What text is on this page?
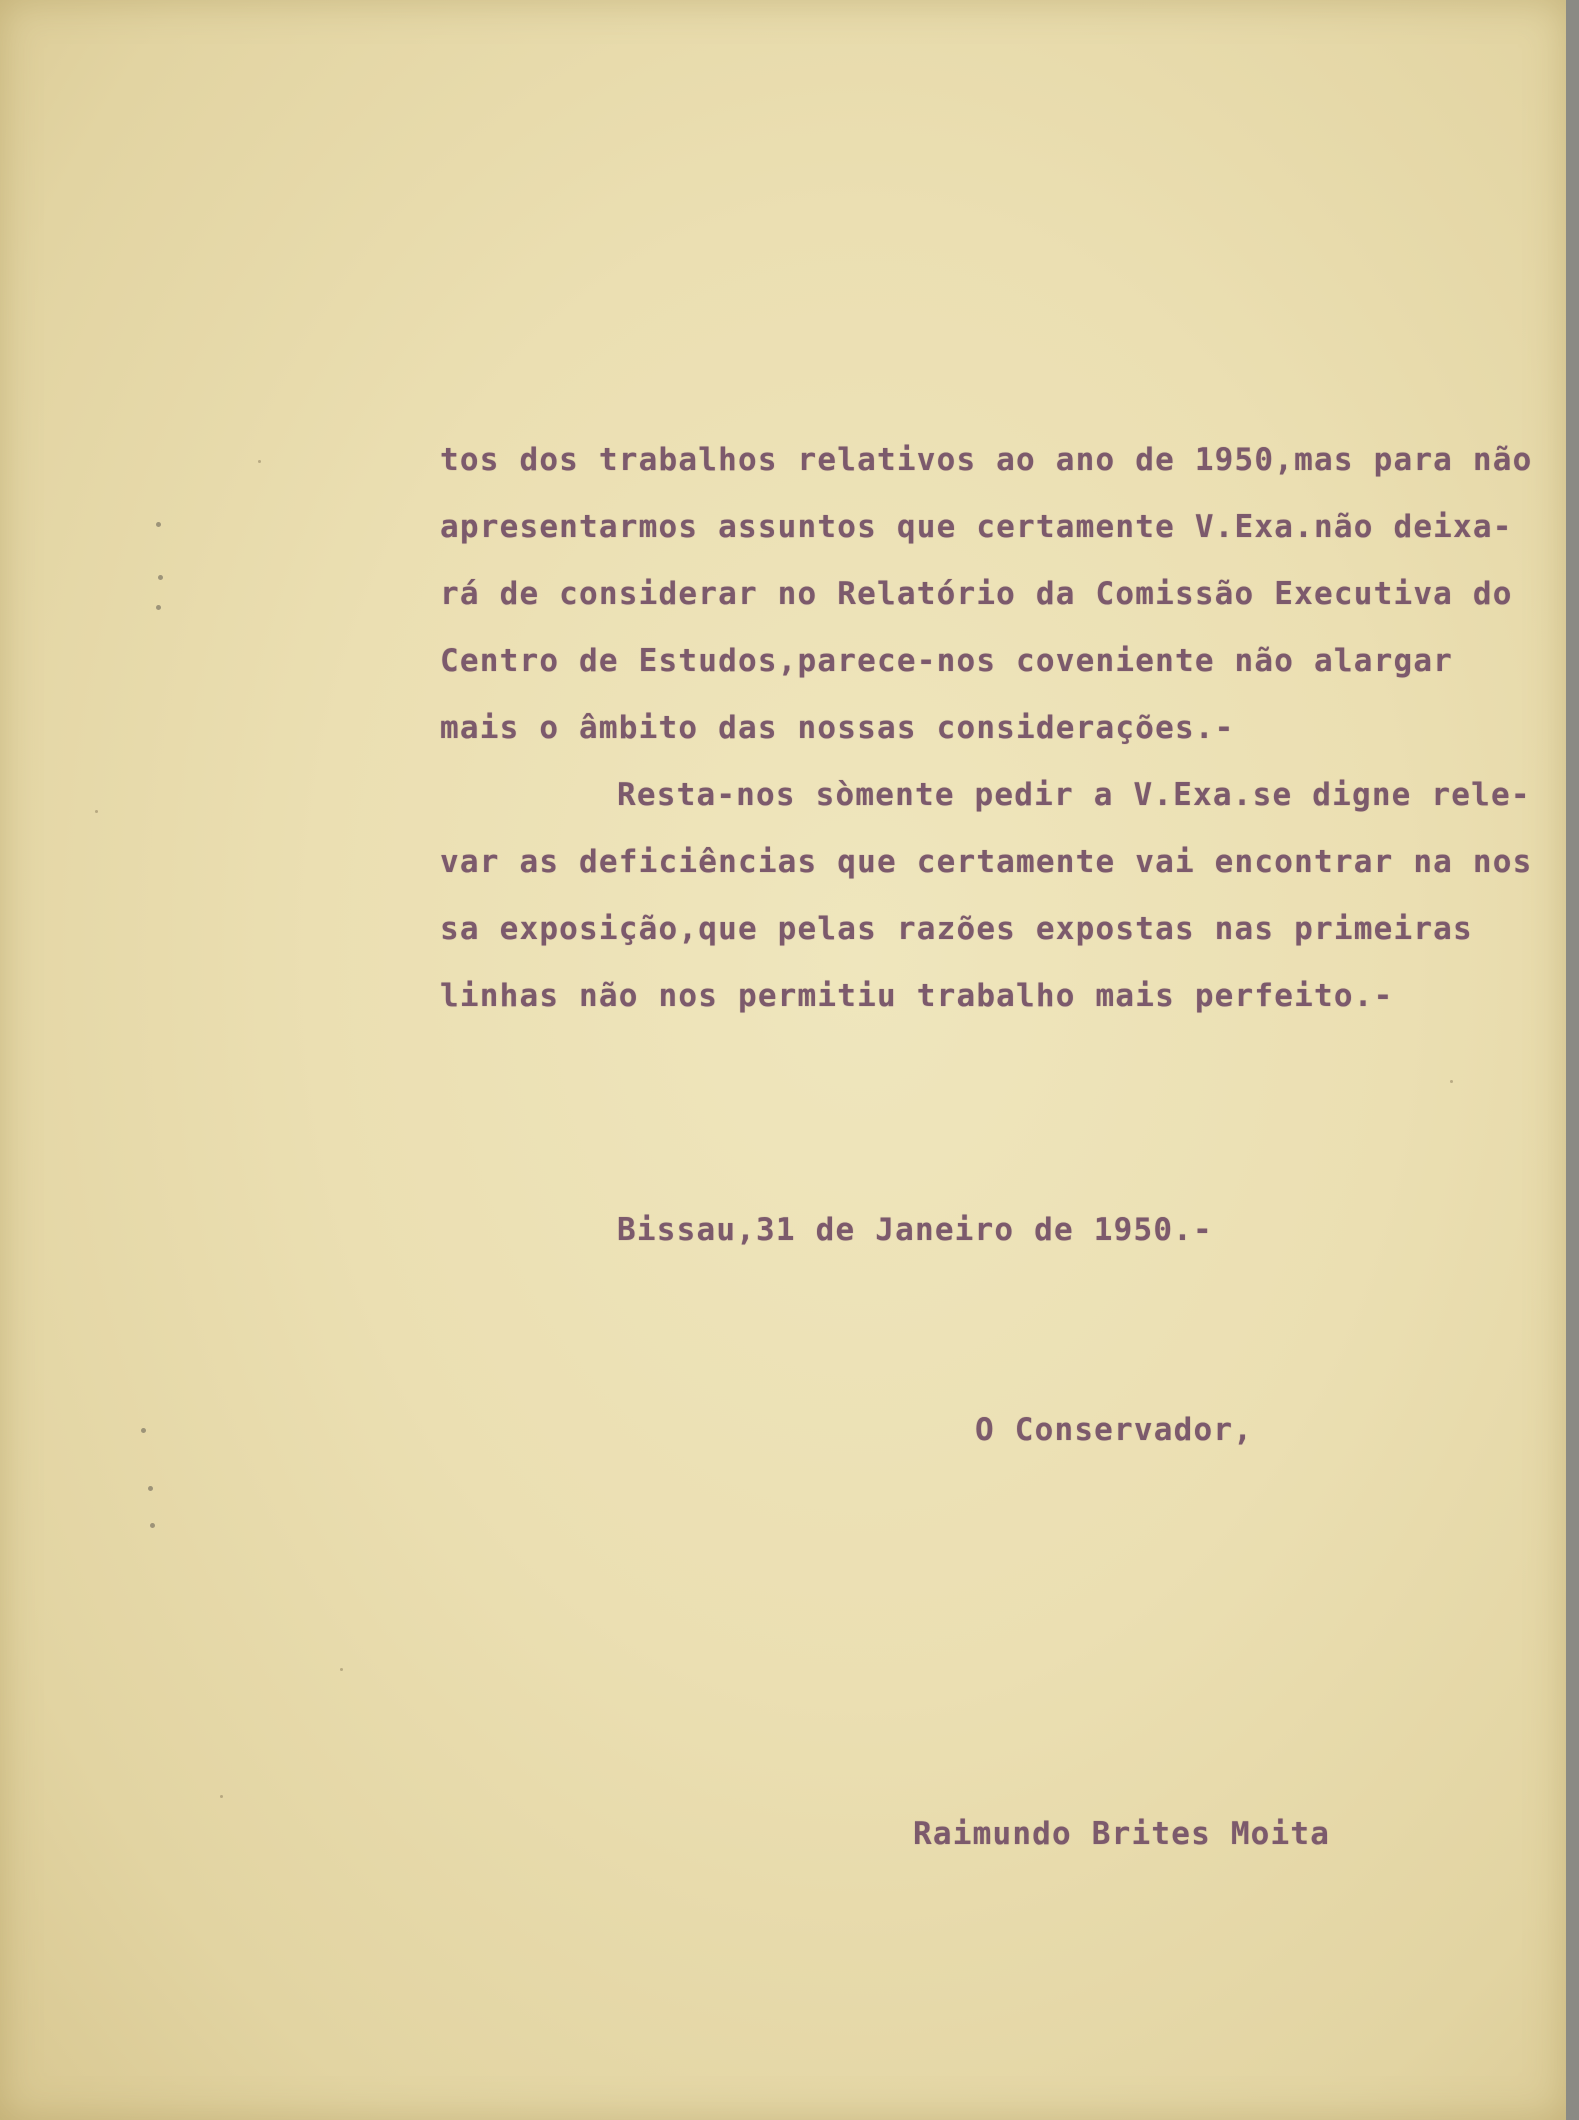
tos dos trabalhos relativos ao ano de 1950,mas para não

apresentarmos assuntos que certamente V.Exa.não deixa-

rá de considerar no Relatório da Comissão Executiva do

Centro de Estudos,parece-nos coveniente não alargar

mais o âmbito das nossas considerações.-

Resta-nos sòmente pedir a V.Exa.se digne rele-

var as deficiências que certamente vai encontrar na nos

sa exposição,que pelas razões expostas nas primeiras

linhas não nos permitiu trabalho mais perfeito.-

Bissau,31 de Janeiro de 1950.-

O Conservador,

Raimundo Brites Moita
